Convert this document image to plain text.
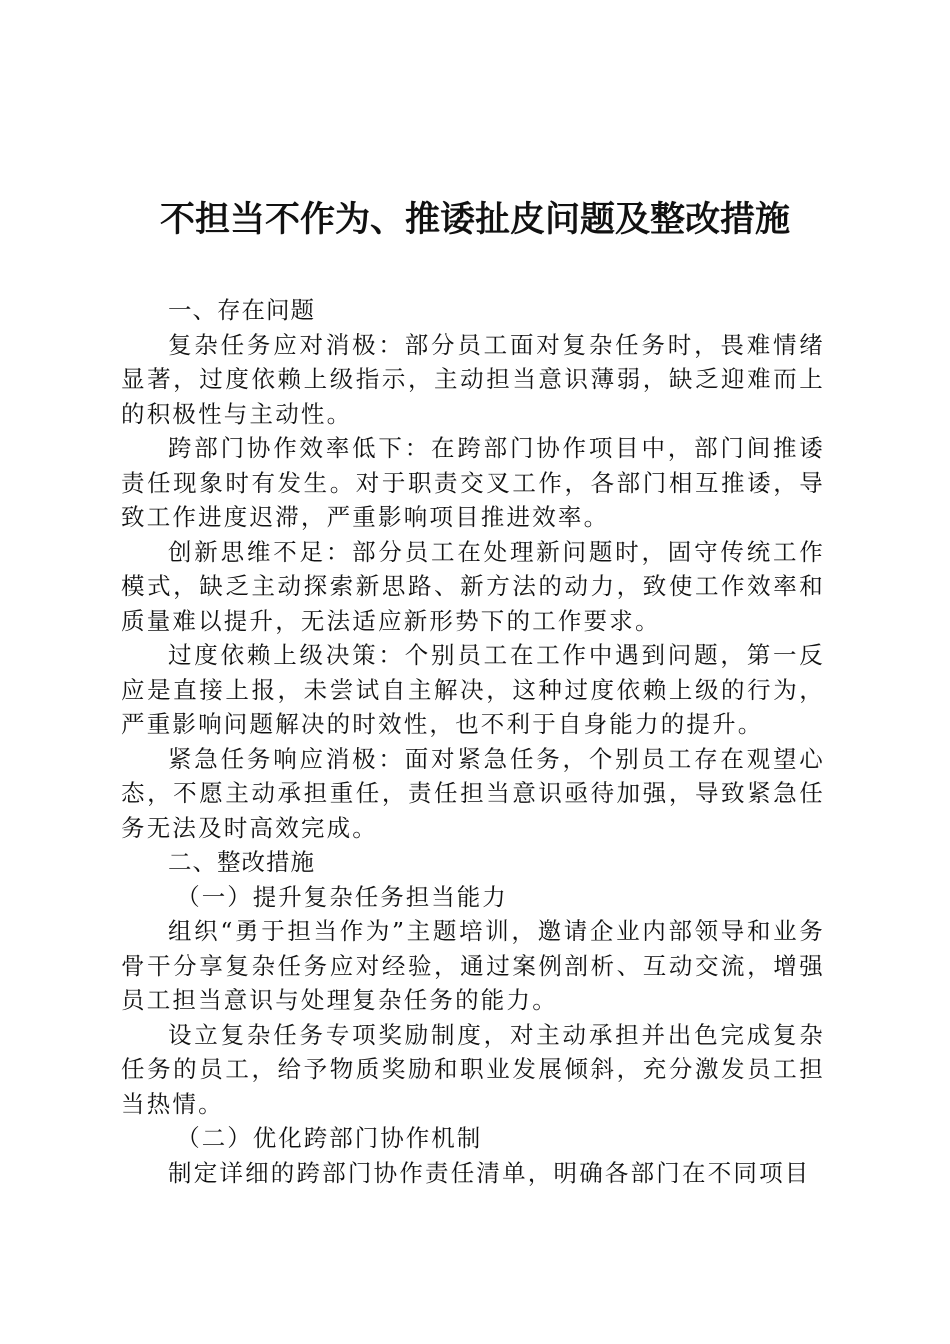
不担当不作为、推诿扯皮问题及整改措施

一、存在问题

复杂任务应对消极：部分员工面对复杂任务时，畏难情绪显著，过度依赖上级指示，主动担当意识薄弱，缺乏迎难而上的积极性与主动性。

跨部门协作效率低下：在跨部门协作项目中，部门间推诿责任现象时有发生。对于职责交叉工作，各部门相互推诿，导致工作进度迟滞，严重影响项目推进效率。

创新思维不足：部分员工在处理新问题时，固守传统工作模式，缺乏主动探索新思路、新方法的动力，致使工作效率和质量难以提升，无法适应新形势下的工作要求。

过度依赖上级决策：个别员工在工作中遇到问题，第一反应是直接上报，未尝试自主解决，这种过度依赖上级的行为，严重影响问题解决的时效性，也不利于自身能力的提升。

紧急任务响应消极：面对紧急任务，个别员工存在观望心态，不愿主动承担重任，责任担当意识亟待加强，导致紧急任务无法及时高效完成。

二、整改措施

（一）提升复杂任务担当能力

组织“勇于担当作为”主题培训，邀请企业内部领导和业务骨干分享复杂任务应对经验，通过案例剖析、互动交流，增强员工担当意识与处理复杂任务的能力。

设立复杂任务专项奖励制度，对主动承担并出色完成复杂任务的员工，给予物质奖励和职业发展倾斜，充分激发员工担当热情。

（二）优化跨部门协作机制

制定详细的跨部门协作责任清单，明确各部门在不同项目
